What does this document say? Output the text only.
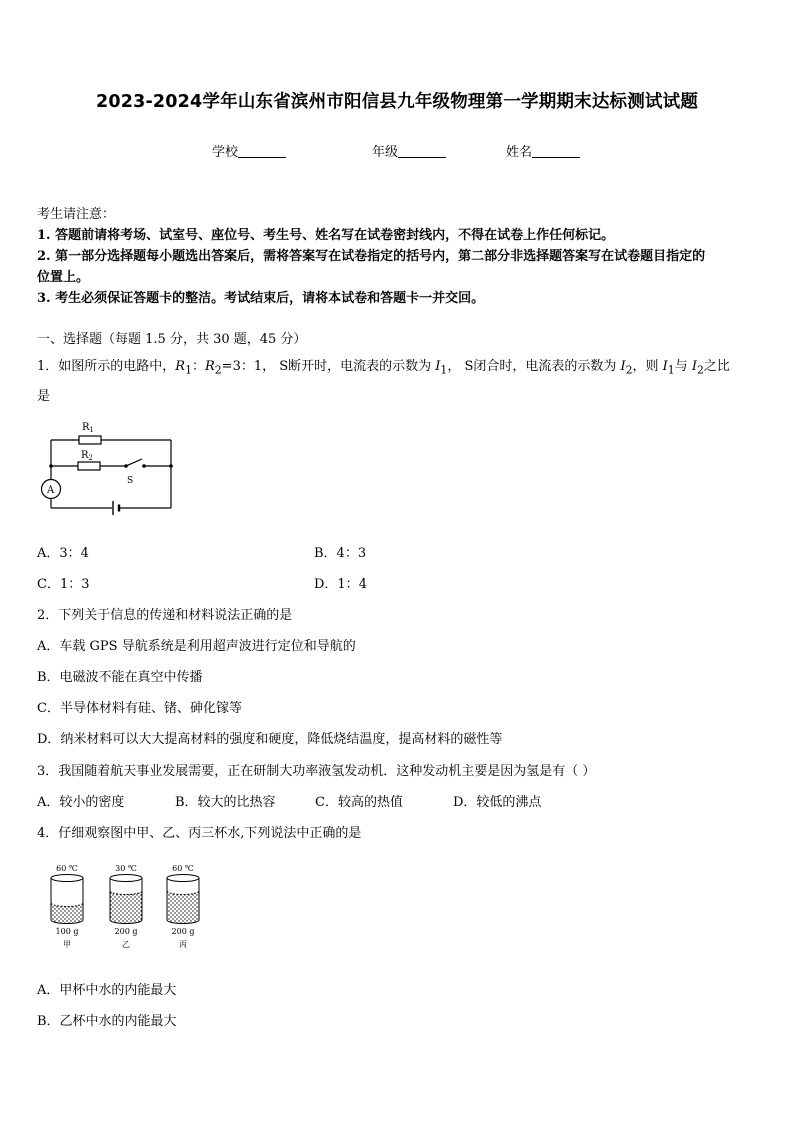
2023-2024学年山东省滨州市阳信县九年级物理第一学期期末达标测试试题
学校	年级	姓名
考生请注意：
1. 答题前请将考场、试室号、座位号、考生号、姓名写在试卷密封线内，不得在试卷上作任何标记。
2. 第一部分选择题每小题选出答案后，需将答案写在试卷指定的括号内，第二部分非选择题答案写在试卷题目指定的
位置上。
3. 考生必须保证答题卡的整洁。考试结束后，请将本试卷和答题卡一并交回。
一、选择题（每题 1.5 分，共 30 题，45 分）
1．如图所示的电路中，$R_1$：$R_2=3$：1， S断开时，电流表的示数为 $I_1$， S闭合时，电流表的示数为 $I_2$，则 $I_1$与 $I_2$之比
是
$R_1$
$R_2$
A
S
A．3：4	B．4：3
C．1：3	D．1：4
2．下列关于信息的传递和材料说法正确的是
A．车载 GPS 导航系统是利用超声波进行定位和导航的
B．电磁波不能在真空中传播
C．半导体材料有硅、锗、砷化镓等
D．纳米材料可以大大提高材料的强度和硬度，降低烧结温度，提高材料的磁性等
3．我国随着航天事业发展需要，正在研制大功率液氢发动机．这种发动机主要是因为氢是有（ ）
A．较小的密度	B．较大的比热容	C．较高的热值	D．较低的沸点
4．仔细观察图中甲、乙、丙三杯水,下列说法中正确的是
60 ℃	30 ℃	60 ℃
100 g	200 g	200 g
甲	乙	丙
A．甲杯中水的内能最大
B．乙杯中水的内能最大
